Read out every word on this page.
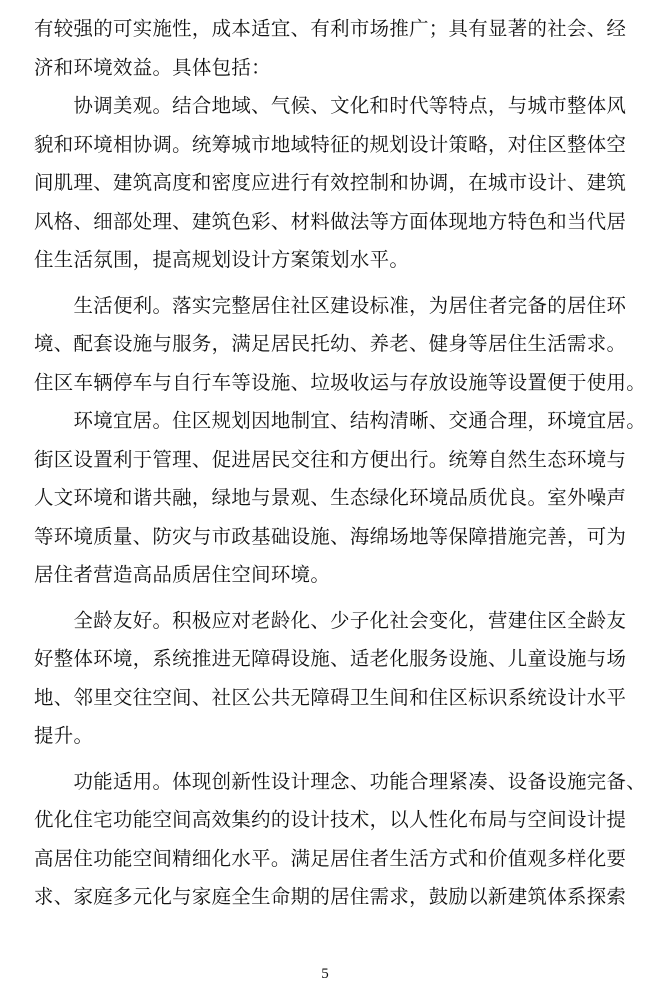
有较强的可实施性，成本适宜、有利市场推广；具有显著的社会、经
济和环境效益。具体包括：
　　协调美观。结合地域、气候、文化和时代等特点，与城市整体风
貌和环境相协调。统筹城市地域特征的规划设计策略，对住区整体空
间肌理、建筑高度和密度应进行有效控制和协调，在城市设计、建筑
风格、细部处理、建筑色彩、材料做法等方面体现地方特色和当代居
住生活氛围，提高规划设计方案策划水平。
　　生活便利。落实完整居住社区建设标准，为居住者完备的居住环
境、配套设施与服务，满足居民托幼、养老、健身等居住生活需求。
住区车辆停车与自行车等设施、垃圾收运与存放设施等设置便于使用。
　　环境宜居。住区规划因地制宜、结构清晰、交通合理，环境宜居。
街区设置利于管理、促进居民交往和方便出行。统筹自然生态环境与
人文环境和谐共融，绿地与景观、生态绿化环境品质优良。室外噪声
等环境质量、防灾与市政基础设施、海绵场地等保障措施完善，可为
居住者营造高品质居住空间环境。
　　全龄友好。积极应对老龄化、少子化社会变化，营建住区全龄友
好整体环境，系统推进无障碍设施、适老化服务设施、儿童设施与场
地、邻里交往空间、社区公共无障碍卫生间和住区标识系统设计水平
提升。
　　功能适用。体现创新性设计理念、功能合理紧凑、设备设施完备、
优化住宅功能空间高效集约的设计技术，以人性化布局与空间设计提
高居住功能空间精细化水平。满足居住者生活方式和价值观多样化要
求、家庭多元化与家庭全生命期的居住需求，鼓励以新建筑体系探索
5
